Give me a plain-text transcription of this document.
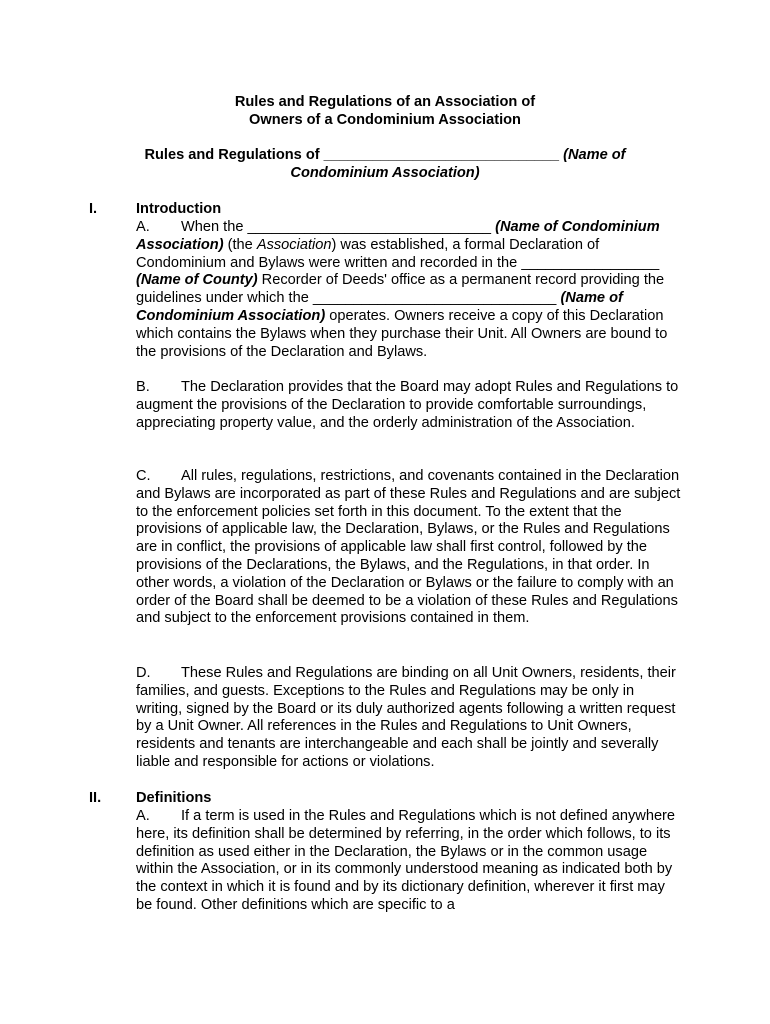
Rules and Regulations of an Association of
Owners of a Condominium Association
Rules and Regulations of _____________________________ (Name of Condominium Association)
I.	Introduction

A. When the ______________________________ (Name of Condominium Association) (the Association) was established, a formal Declaration of Condominium and Bylaws were written and recorded in the _________________ (Name of County) Recorder of Deeds' office as a permanent record providing the guidelines under which the ______________________________ (Name of Condominium Association) operates. Owners receive a copy of this Declaration which contains the Bylaws when they purchase their Unit. All Owners are bound to the provisions of the Declaration and Bylaws.

B. The Declaration provides that the Board may adopt Rules and Regulations to augment the provisions of the Declaration to provide comfortable surroundings, appreciating property value, and the orderly administration of the Association.

C. All rules, regulations, restrictions, and covenants contained in the Declaration and Bylaws are incorporated as part of these Rules and Regulations and are subject to the enforcement policies set forth in this document. To the extent that the provisions of applicable law, the Declaration, Bylaws, or the Rules and Regulations are in conflict, the provisions of applicable law shall first control, followed by the provisions of the Declarations, the Bylaws, and the Regulations, in that order. In other words, a violation of the Declaration or Bylaws or the failure to comply with an order of the Board shall be deemed to be a violation of these Rules and Regulations and subject to the enforcement provisions contained in them.

D. These Rules and Regulations are binding on all Unit Owners, residents, their families, and guests. Exceptions to the Rules and Regulations may be only in writing, signed by the Board or its duly authorized agents following a written request by a Unit Owner. All references in the Rules and Regulations to Unit Owners, residents and tenants are interchangeable and each shall be jointly and severally liable and responsible for actions or violations.

II. Definitions

A. If a term is used in the Rules and Regulations which is not defined anywhere here, its definition shall be determined by referring, in the order which follows, to its definition as used either in the Declaration, the Bylaws or in the common usage within the Association, or in its commonly understood meaning as indicated both by the context in which it is found and by its dictionary definition, wherever it first may be found. Other definitions which are specific to a
